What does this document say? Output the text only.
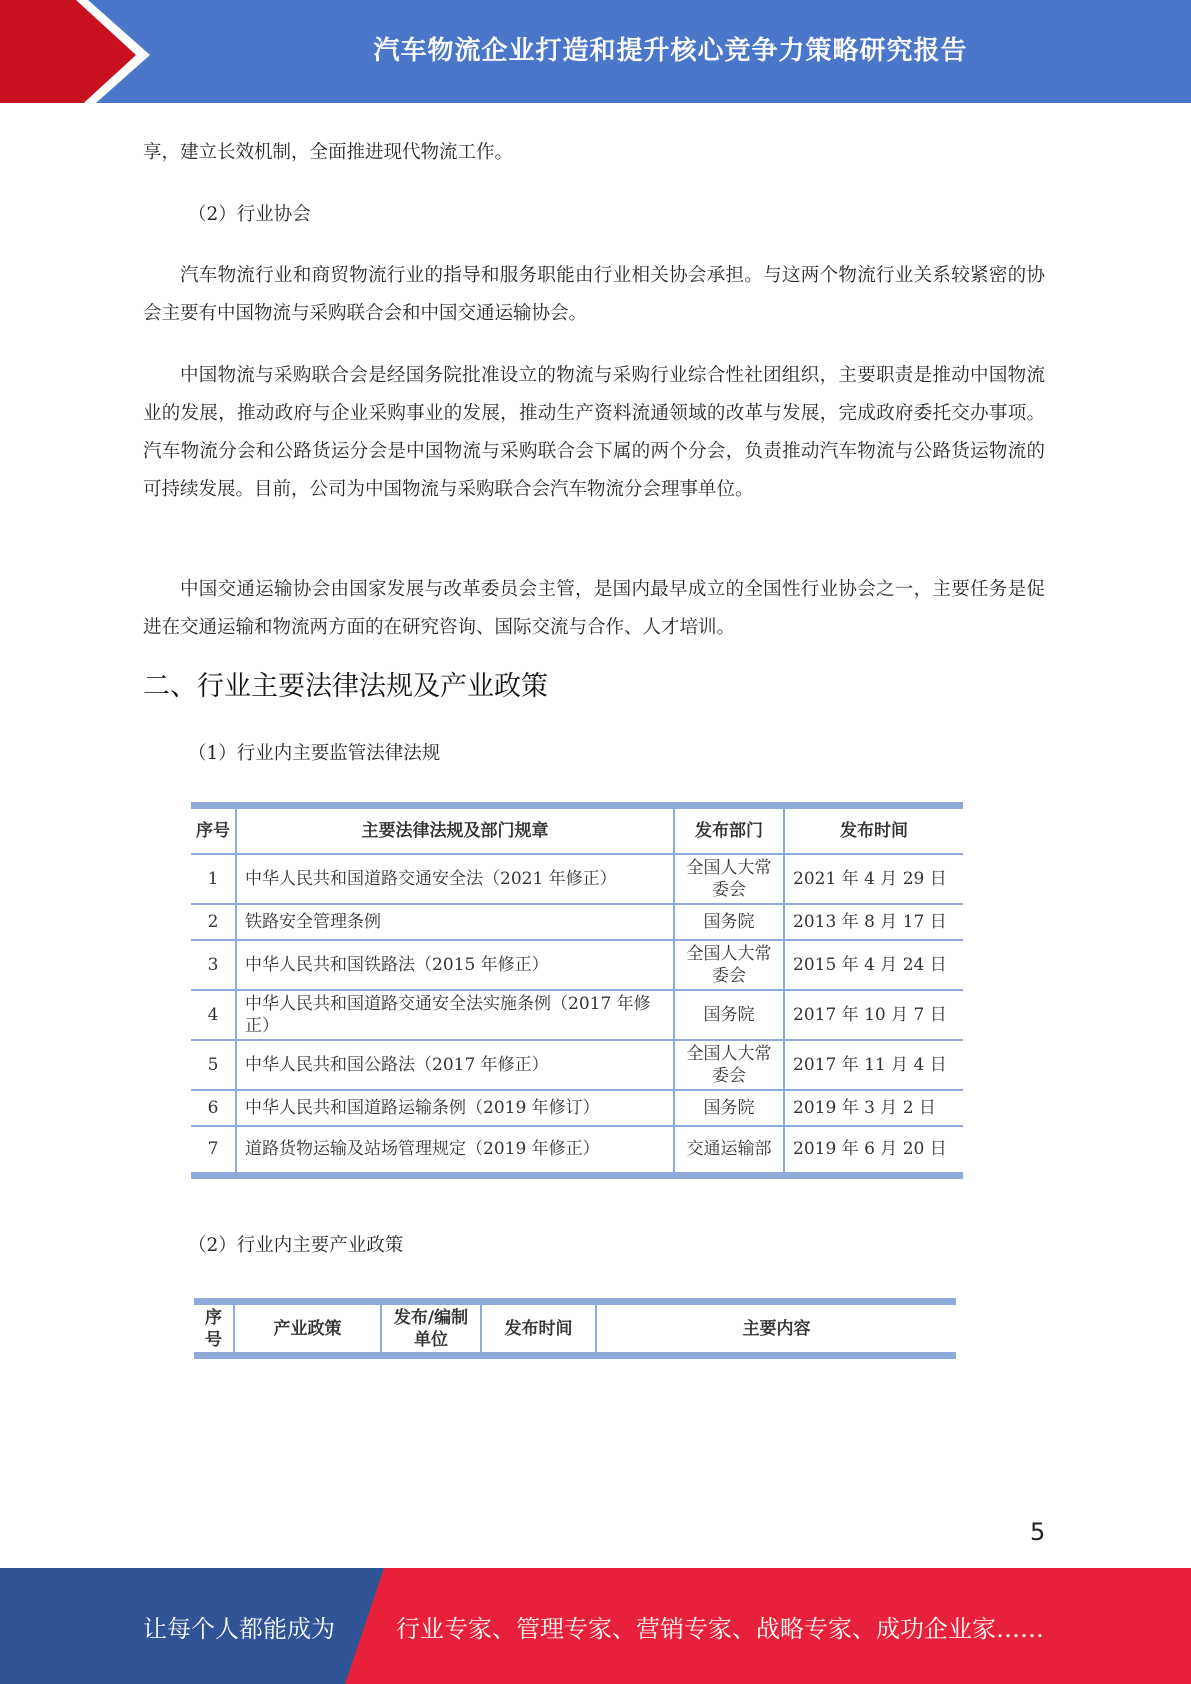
汽车物流企业打造和提升核心竞争力策略研究报告
享，建立长效机制，全面推进现代物流工作。
（2）行业协会
汽车物流行业和商贸物流行业的指导和服务职能由行业相关协会承担。与这两个物流行业关系较紧密的协会主要有中国物流与采购联合会和中国交通运输协会。
中国物流与采购联合会是经国务院批准设立的物流与采购行业综合性社团组织，主要职责是推动中国物流业的发展，推动政府与企业采购事业的发展，推动生产资料流通领域的改革与发展，完成政府委托交办事项。汽车物流分会和公路货运分会是中国物流与采购联合会下属的两个分会，负责推动汽车物流与公路货运物流的可持续发展。目前，公司为中国物流与采购联合会汽车物流分会理事单位。
中国交通运输协会由国家发展与改革委员会主管，是国内最早成立的全国性行业协会之一，主要任务是促进在交通运输和物流两方面的在研究咨询、国际交流与合作、人才培训。
二、行业主要法律法规及产业政策
（1）行业内主要监管法律法规
序号	主要法律法规及部门规章	发布部门	发布时间
1	中华人民共和国道路交通安全法（2021 年修正）	全国人大常委会	2021 年 4 月 29 日
2	铁路安全管理条例	国务院	2013 年 8 月 17 日
3	中华人民共和国铁路法（2015 年修正）	全国人大常委会	2015 年 4 月 24 日
4	中华人民共和国道路交通安全法实施条例（2017 年修正）	国务院	2017 年 10 月 7 日
5	中华人民共和国公路法（2017 年修正）	全国人大常委会	2017 年 11 月 4 日
6	中华人民共和国道路运输条例（2019 年修订）	国务院	2019 年 3 月 2 日
7	道路货物运输及站场管理规定（2019 年修正）	交通运输部	2019 年 6 月 20 日
（2）行业内主要产业政策
序号	产业政策	发布/编制单位	发布时间	主要内容
5
让每个人都能成为	行业专家、管理专家、营销专家、战略专家、成功企业家……
